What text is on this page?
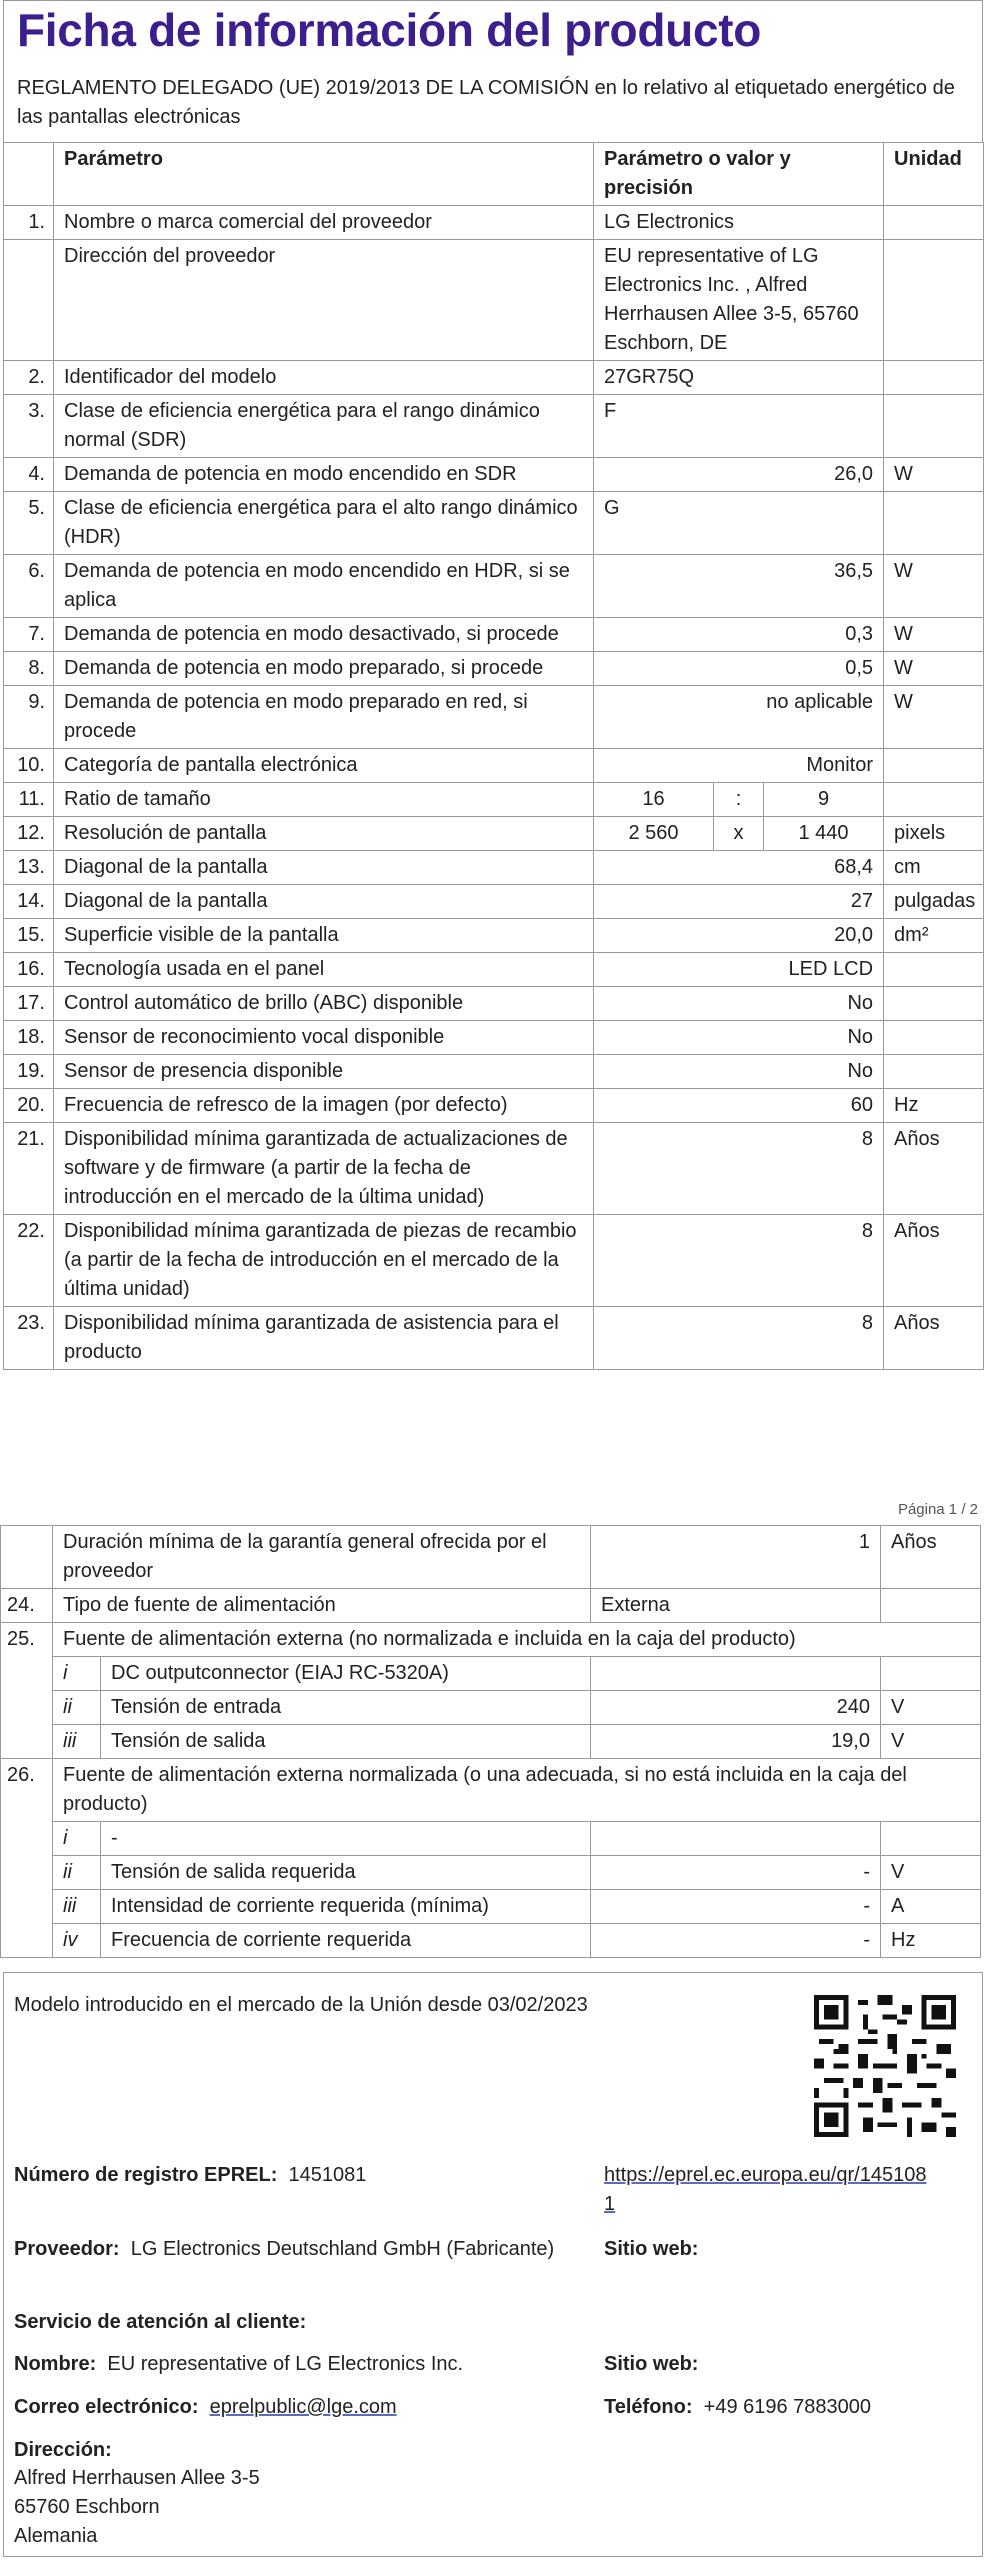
Ficha de información del producto
REGLAMENTO DELEGADO (UE) 2019/2013 DE LA COMISIÓN en lo relativo al etiquetado energético de las pantallas electrónicas
	Parámetro	Parámetro o valor y precisión			Unidad
1.	Nombre o marca comercial del proveedor	LG Electronics			
	Dirección del proveedor	EU representative of LG Electronics Inc. , Alfred Herrhausen Allee 3-5, 65760 Eschborn, DE			
2.	Identificador del modelo	27GR75Q			
3.	Clase de eficiencia energética para el rango dinámico normal (SDR)	F			
4.	Demanda de potencia en modo encendido en SDR	26,0			W
5.	Clase de eficiencia energética para el alto rango dinámico (HDR)	G			
6.	Demanda de potencia en modo encendido en HDR, si se aplica	36,5			W
7.	Demanda de potencia en modo desactivado, si procede	0,3			W
8.	Demanda de potencia en modo preparado, si procede	0,5			W
9.	Demanda de potencia en modo preparado en red, si procede	no aplicable			W
10.	Categoría de pantalla electrónica	Monitor			
11.	Ratio de tamaño	16	:	9	
12.	Resolución de pantalla	2 560	x	1 440	pixels
13.	Diagonal de la pantalla	68,4			cm
14.	Diagonal de la pantalla	27			pulgadas
15.	Superficie visible de la pantalla	20,0			dm²
16.	Tecnología usada en el panel	LED LCD			
17.	Control automático de brillo (ABC) disponible	No			
18.	Sensor de reconocimiento vocal disponible	No			
19.	Sensor de presencia disponible	No			
20.	Frecuencia de refresco de la imagen (por defecto)	60			Hz
21.	Disponibilidad mínima garantizada de actualizaciones de software y de firmware (a partir de la fecha de introducción en el mercado de la última unidad)	8			Años
22.	Disponibilidad mínima garantizada de piezas de recambio (a partir de la fecha de introducción en el mercado de la última unidad)	8			Años
23.	Disponibilidad mínima garantizada de asistencia para el producto	8			Años
Página 1 / 2
	Duración mínima de la garantía general ofrecida por el proveedor		1	Años
24.	Tipo de fuente de alimentación		Externa	
25.	Fuente de alimentación externa (no normalizada e incluida en la caja del producto)			
	i	DC outputconnector (EIAJ RC-5320A)		
	ii	Tensión de entrada	240	V
	iii	Tensión de salida	19,0	V
26.	Fuente de alimentación externa normalizada (o una adecuada, si no está incluida en la caja del producto)			
	i	-		
	ii	Tensión de salida requerida	-	V
	iii	Intensidad de corriente requerida (mínima)	-	A
	iv	Frecuencia de corriente requerida	-	Hz
Modelo introducido en el mercado de la Unión desde 03/02/2023
Número de registro EPREL: 1451081	https://eprel.ec.europa.eu/qr/1451081
Proveedor: LG Electronics Deutschland GmbH (Fabricante)	Sitio web:
Servicio de atención al cliente:
Nombre: EU representative of LG Electronics Inc.	Sitio web:
Correo electrónico: eprelpublic@lge.com	Teléfono: +49 6196 7883000
Dirección:
Alfred Herrhausen Allee 3-5
65760 Eschborn
Alemania
